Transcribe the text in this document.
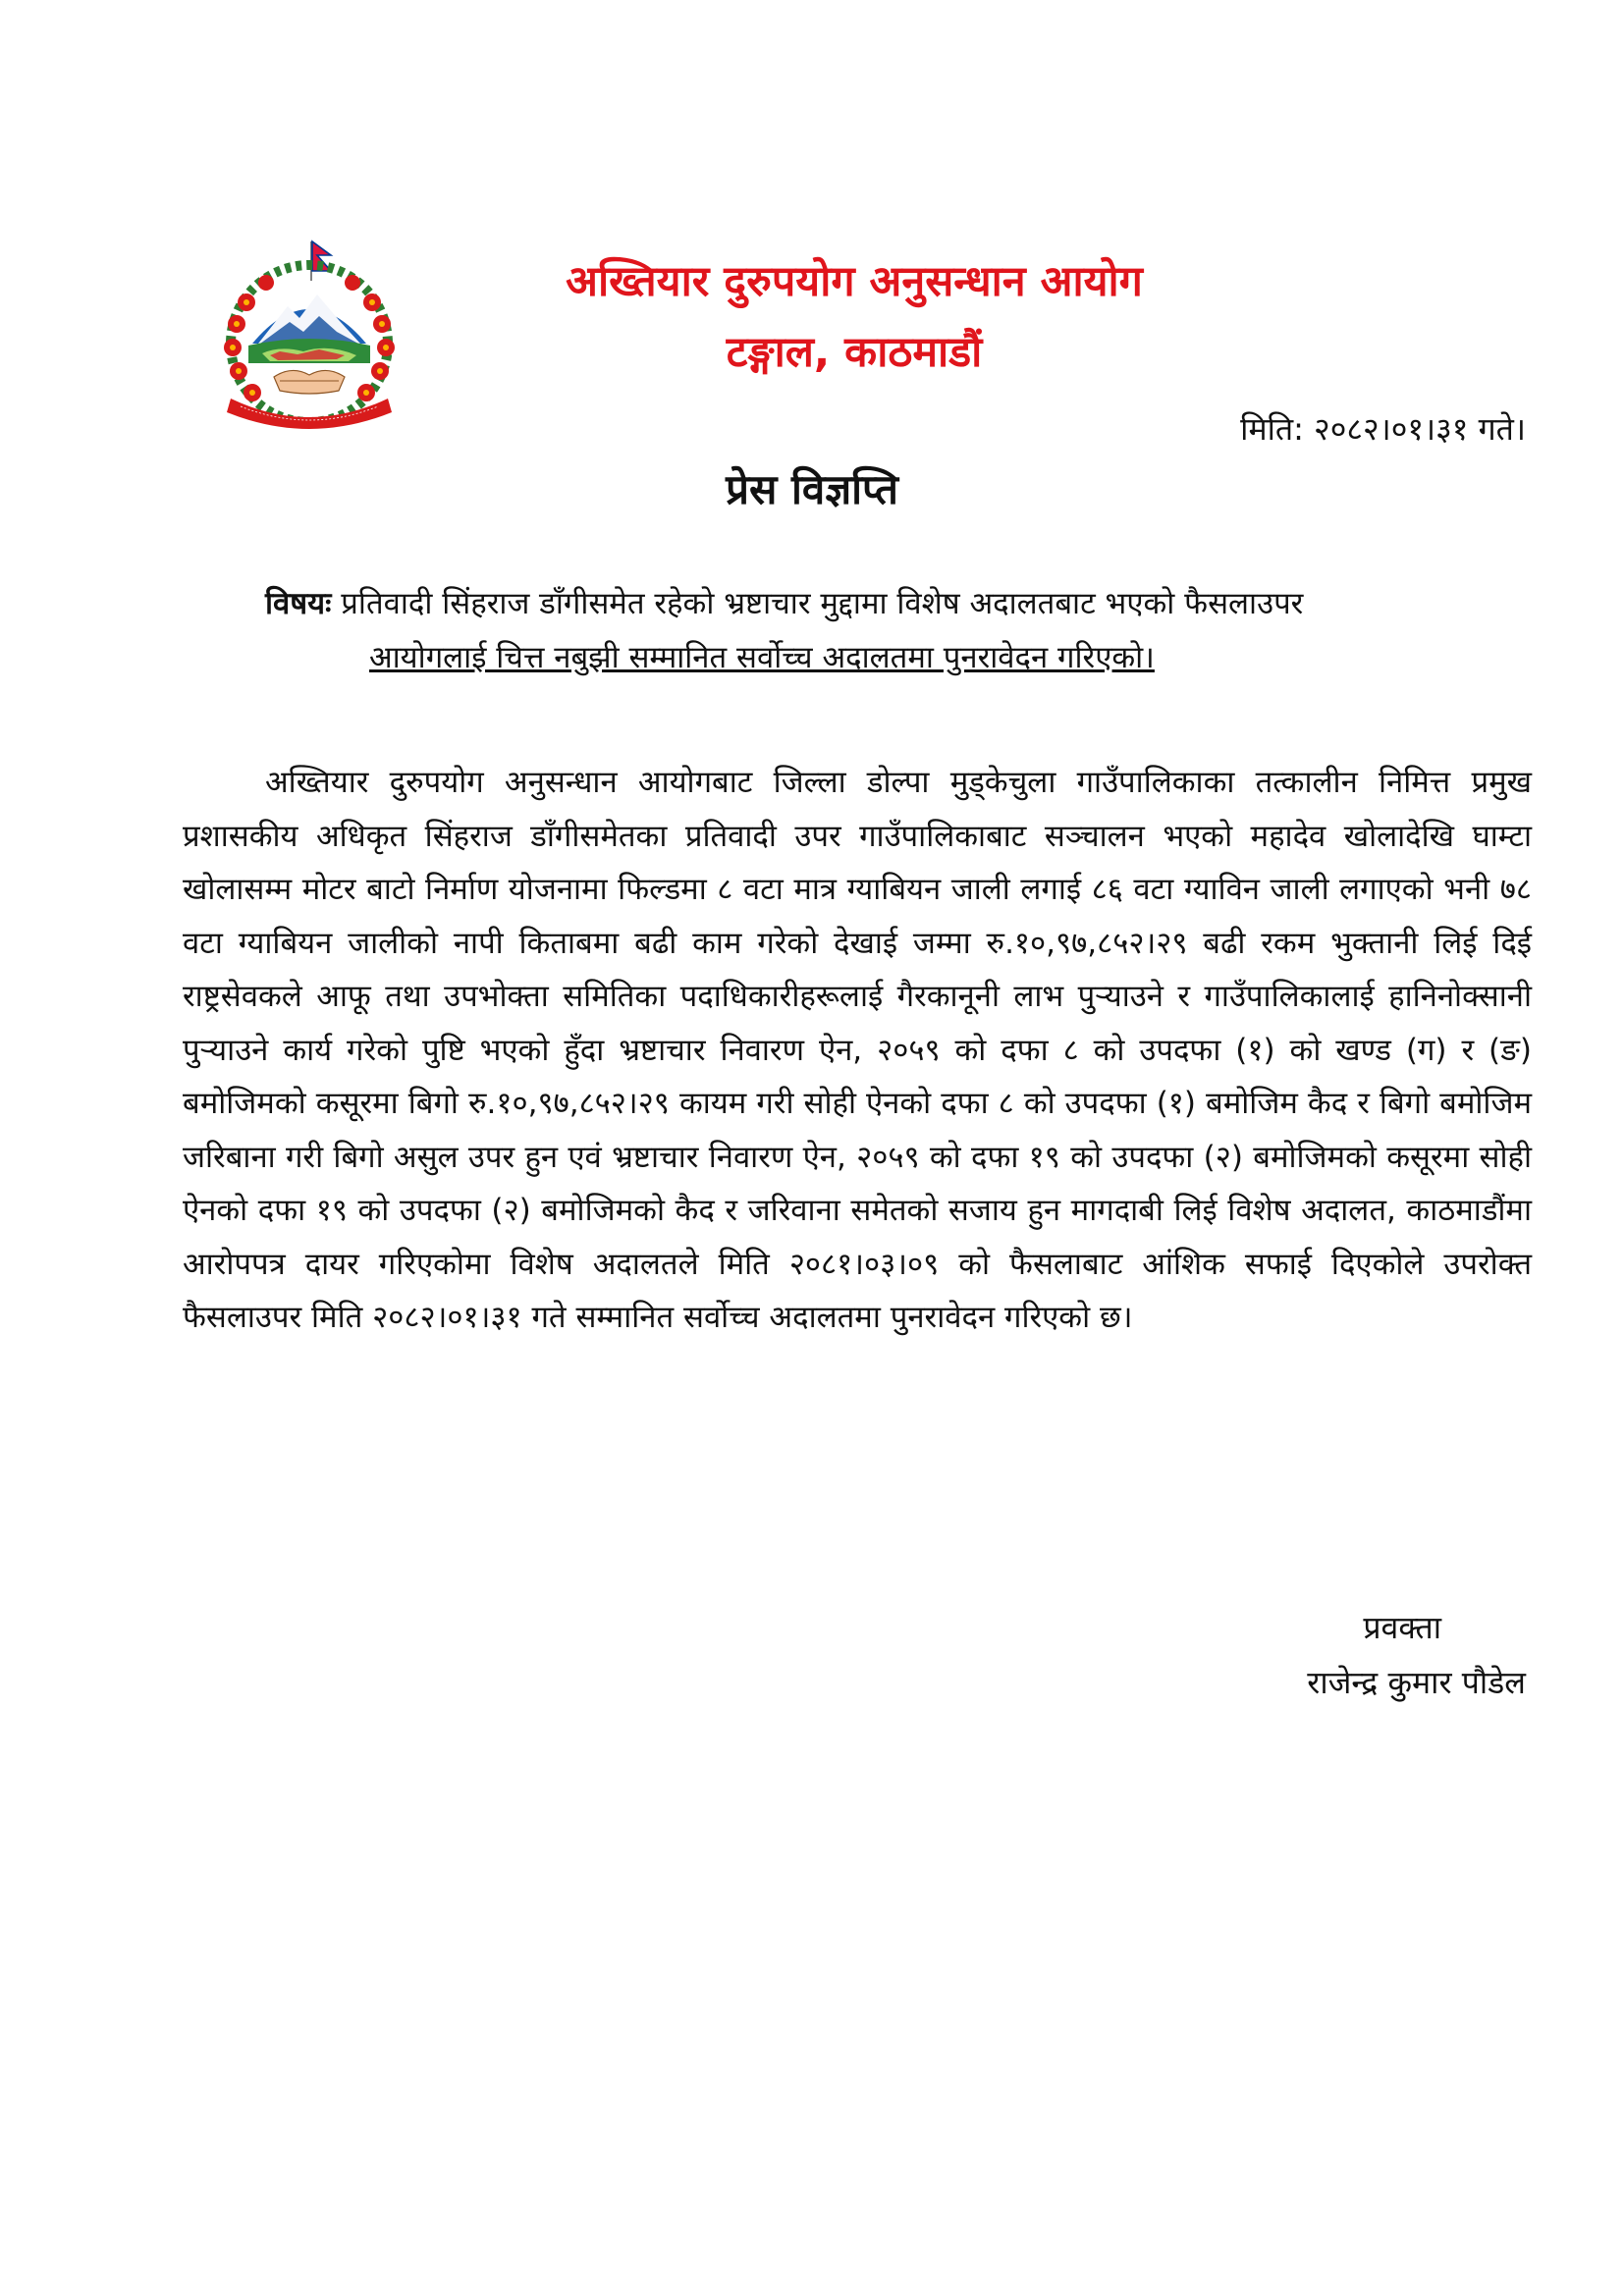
अख्तियार दुरुपयोग अनुसन्धान आयोग
टङ्गाल, काठमाडौं
मिति: २०८२।०१।३१ गते।
प्रेस विज्ञप्ति
विषयः प्रतिवादी सिंहराज डाँगीसमेत रहेको भ्रष्टाचार मुद्दामा विशेष अदालतबाट भएको फैसलाउपर
आयोगलाई चित्त नबुझी सम्मानित सर्वोच्च अदालतमा पुनरावेदन गरिएको।

अख्तियार दुरुपयोग अनुसन्धान आयोगबाट जिल्ला डोल्पा मुड्केचुला गाउँपालिकाका तत्कालीन निमित्त प्रमुख प्रशासकीय अधिकृत सिंहराज डाँगीसमेतका प्रतिवादी उपर गाउँपालिकाबाट सञ्चालन भएको महादेव खोलादेखि घाम्टा खोलासम्म मोटर बाटो निर्माण योजनामा फिल्डमा ८ वटा मात्र ग्याबियन जाली लगाई ८६ वटा ग्याविन जाली लगाएको भनी ७८ वटा ग्याबियन जालीको नापी किताबमा बढी काम गरेको देखाई जम्मा रु.१०,९७,८५२।२९ बढी रकम भुक्तानी लिई दिई राष्ट्रसेवकले आफू तथा उपभोक्ता समितिका पदाधिकारीहरूलाई गैरकानूनी लाभ पुऱ्याउने र गाउँपालिकालाई हानिनोक्सानी पुऱ्याउने कार्य गरेको पुष्टि भएको हुँदा भ्रष्टाचार निवारण ऐन, २०५९ को दफा ८ को उपदफा (१) को खण्ड (ग) र (ङ) बमोजिमको कसूरमा बिगो रु.१०,९७,८५२।२९ कायम गरी सोही ऐनको दफा ८ को उपदफा (१) बमोजिम कैद र बिगो बमोजिम जरिबाना गरी बिगो असुल उपर हुन एवं भ्रष्टाचार निवारण ऐन, २०५९ को दफा १९ को उपदफा (२) बमोजिमको कसूरमा सोही ऐनको दफा १९ को उपदफा (२) बमोजिमको कैद र जरिवाना समेतको सजाय हुन मागदाबी लिई विशेष अदालत, काठमाडौंमा आरोपपत्र दायर गरिएकोमा विशेष अदालतले मिति २०८१।०३।०९ को फैसलाबाट आंशिक सफाई दिएकोले उपरोक्त फैसलाउपर मिति २०८२।०१।३१ गते सम्मानित सर्वोच्च अदालतमा पुनरावेदन गरिएको छ।

प्रवक्ता
राजेन्द्र कुमार पौडेल
